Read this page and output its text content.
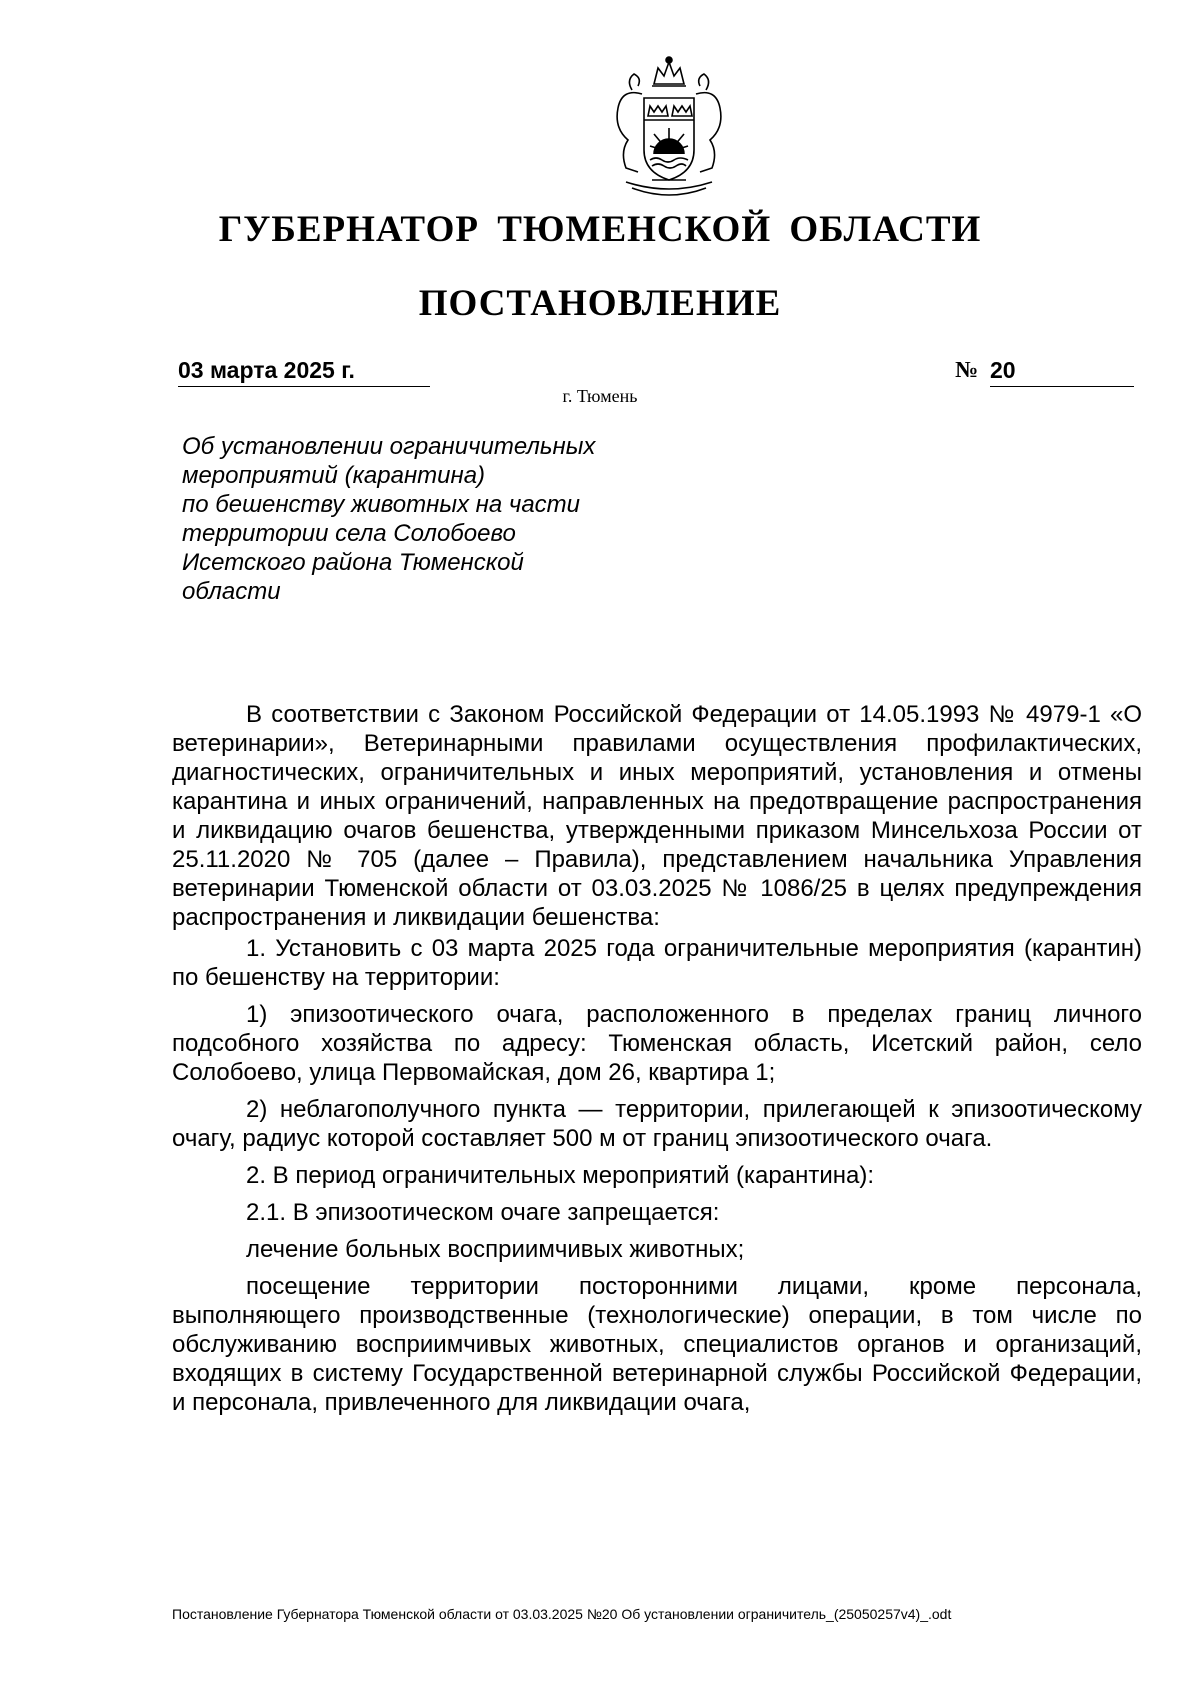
ГУБЕРНАТОР ТЮМЕНСКОЙ ОБЛАСТИ
ПОСТАНОВЛЕНИЕ
03 марта 2025 г.	№ 20
г. Тюмень
Об установлении ограничительных
мероприятий (карантина)
по бешенству животных на части
территории села Солобоево
Исетского района Тюменской
области

В соответствии с Законом Российской Федерации от 14.05.1993 № 4979-1 «О ветеринарии», Ветеринарными правилами осуществления профилактических, диагностических, ограничительных и иных мероприятий, установления и отмены карантина и иных ограничений, направленных на предотвращение распространения и ликвидацию очагов бешенства, утвержденными приказом Минсельхоза России от 25.11.2020 № 705 (далее – Правила), представлением начальника Управления ветеринарии Тюменской области от 03.03.2025 № 1086/25 в целях предупреждения распространения и ликвидации бешенства:

1. Установить с 03 марта 2025 года ограничительные мероприятия (карантин) по бешенству на территории:

1) эпизоотического очага, расположенного в пределах границ личного подсобного хозяйства по адресу: Тюменская область, Исетский район, село Солобоево, улица Первомайская, дом 26, квартира 1;

2) неблагополучного пункта — территории, прилегающей к эпизоотическому очагу, радиус которой составляет 500 м от границ эпизоотического очага.

2. В период ограничительных мероприятий (карантина):

2.1. В эпизоотическом очаге запрещается:

лечение больных восприимчивых животных;

посещение территории посторонними лицами, кроме персонала, выполняющего производственные (технологические) операции, в том числе по обслуживанию восприимчивых животных, специалистов органов и организаций, входящих в систему Государственной ветеринарной службы Российской Федерации, и персонала, привлеченного для ликвидации очага,

Постановление Губернатора Тюменской области от 03.03.2025 №20 Об установлении ограничитель_(25050257v4)_.odt
